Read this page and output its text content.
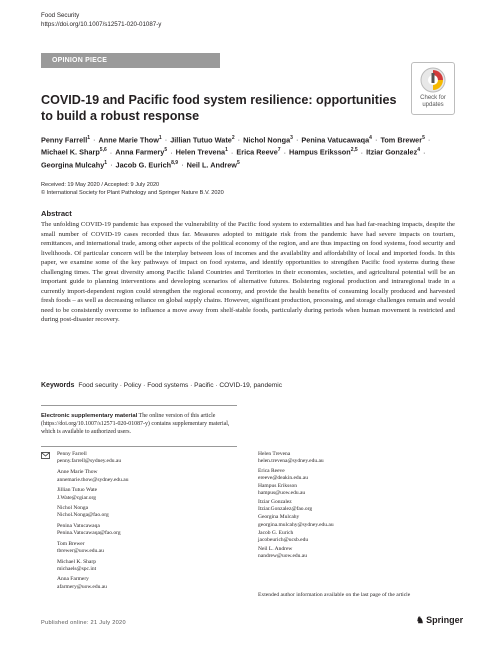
Food Security
https://doi.org/10.1007/s12571-020-01087-y
OPINION PIECE
Check for
updates
COVID-19 and Pacific food system resilience: opportunities to build a robust response
Penny Farrell$^1$ · Anne Marie Thow$^1$ · Jillian Tutuo Wate$^2$ · Nichol Nonga$^3$ · Penina Vatucawaqa$^4$ · Tom Brewer$^5$ · Michael K. Sharp$^{5,6}$ · Anna Farmery$^5$ · Helen Trevena$^1$ · Erica Reeve$^7$ · Hampus Eriksson$^{2,5}$ · Itziar Gonzalez$^4$ · Georgina Mulcahy$^1$ · Jacob G. Eurich$^{8,9}$ · Neil L. Andrew$^5$
Received: 19 May 2020 / Accepted: 9 July 2020
© International Society for Plant Pathology and Springer Nature B.V. 2020
Abstract

The unfolding COVID-19 pandemic has exposed the vulnerability of the Pacific food system to externalities and has had far-reaching impacts, despite the small number of COVID-19 cases recorded thus far. Measures adopted to mitigate risk from the pandemic have had severe impacts on tourism, remittances, and international trade, among other aspects of the political economy of the region, and are thus impacting on food systems, food security and livelihoods. Of particular concern will be the interplay between loss of incomes and the availability and affordability of local and imported foods. In this paper, we examine some of the key pathways of impact on food systems, and identify opportunities to strengthen Pacific food systems during these challenging times. The great diversity among Pacific Island Countries and Territories in their economies, societies, and agricultural potential will be an important guide to planning interventions and developing scenarios of alternative futures. Bolstering regional production and intraregional trade in a currently import-dependent region could strengthen the regional economy, and provide the health benefits of consuming locally produced and harvested fresh foods – as well as decreasing reliance on global supply chains. However, significant production, processing, and storage challenges remain and would need to be consistently overcome to influence a move away from shelf-stable foods, particularly during periods when human movement is restricted and during post-disaster recovery.

Keywords Food security · Policy · Food systems · Pacific · COVID-19, pandemic

Electronic supplementary material The online version of this article (https://doi.org/10.1007/s12571-020-01087-y) contains supplementary material, which is available to authorized users.

Penny Farrell
penny.farrell@sydney.edu.au
Anne Marie Thow
annemarie.thow@sydney.edu.au
Jillian Tutuo Wate
J.Wate@cgiar.org
Nichol Nonga
Nichol.Nonga@fao.org
Penina Vatucawaqa
Penina.Vatucawaqa@fao.org
Tom Brewer
tbrewer@uow.edu.au
Michael K. Sharp
michaels@spc.int
Anna Farmery
afarmery@uow.edu.au
Helen Trevena
helen.trevena@sydney.edu.au
Erica Reeve
ereeve@deakin.edu.au
Hampus Eriksson
hampus@uow.edu.au
Itziar Gonzalez
Itziar.Gonzalez@fao.org
Georgina Mulcahy
georgina.mulcahy@sydney.edu.au
Jacob G. Eurich
jacobeurich@ucsb.edu
Neil L. Andrew
nandrew@uow.edu.au
Extended author information available on the last page of the article
Published online: 21 July 2020	♞ Springer
